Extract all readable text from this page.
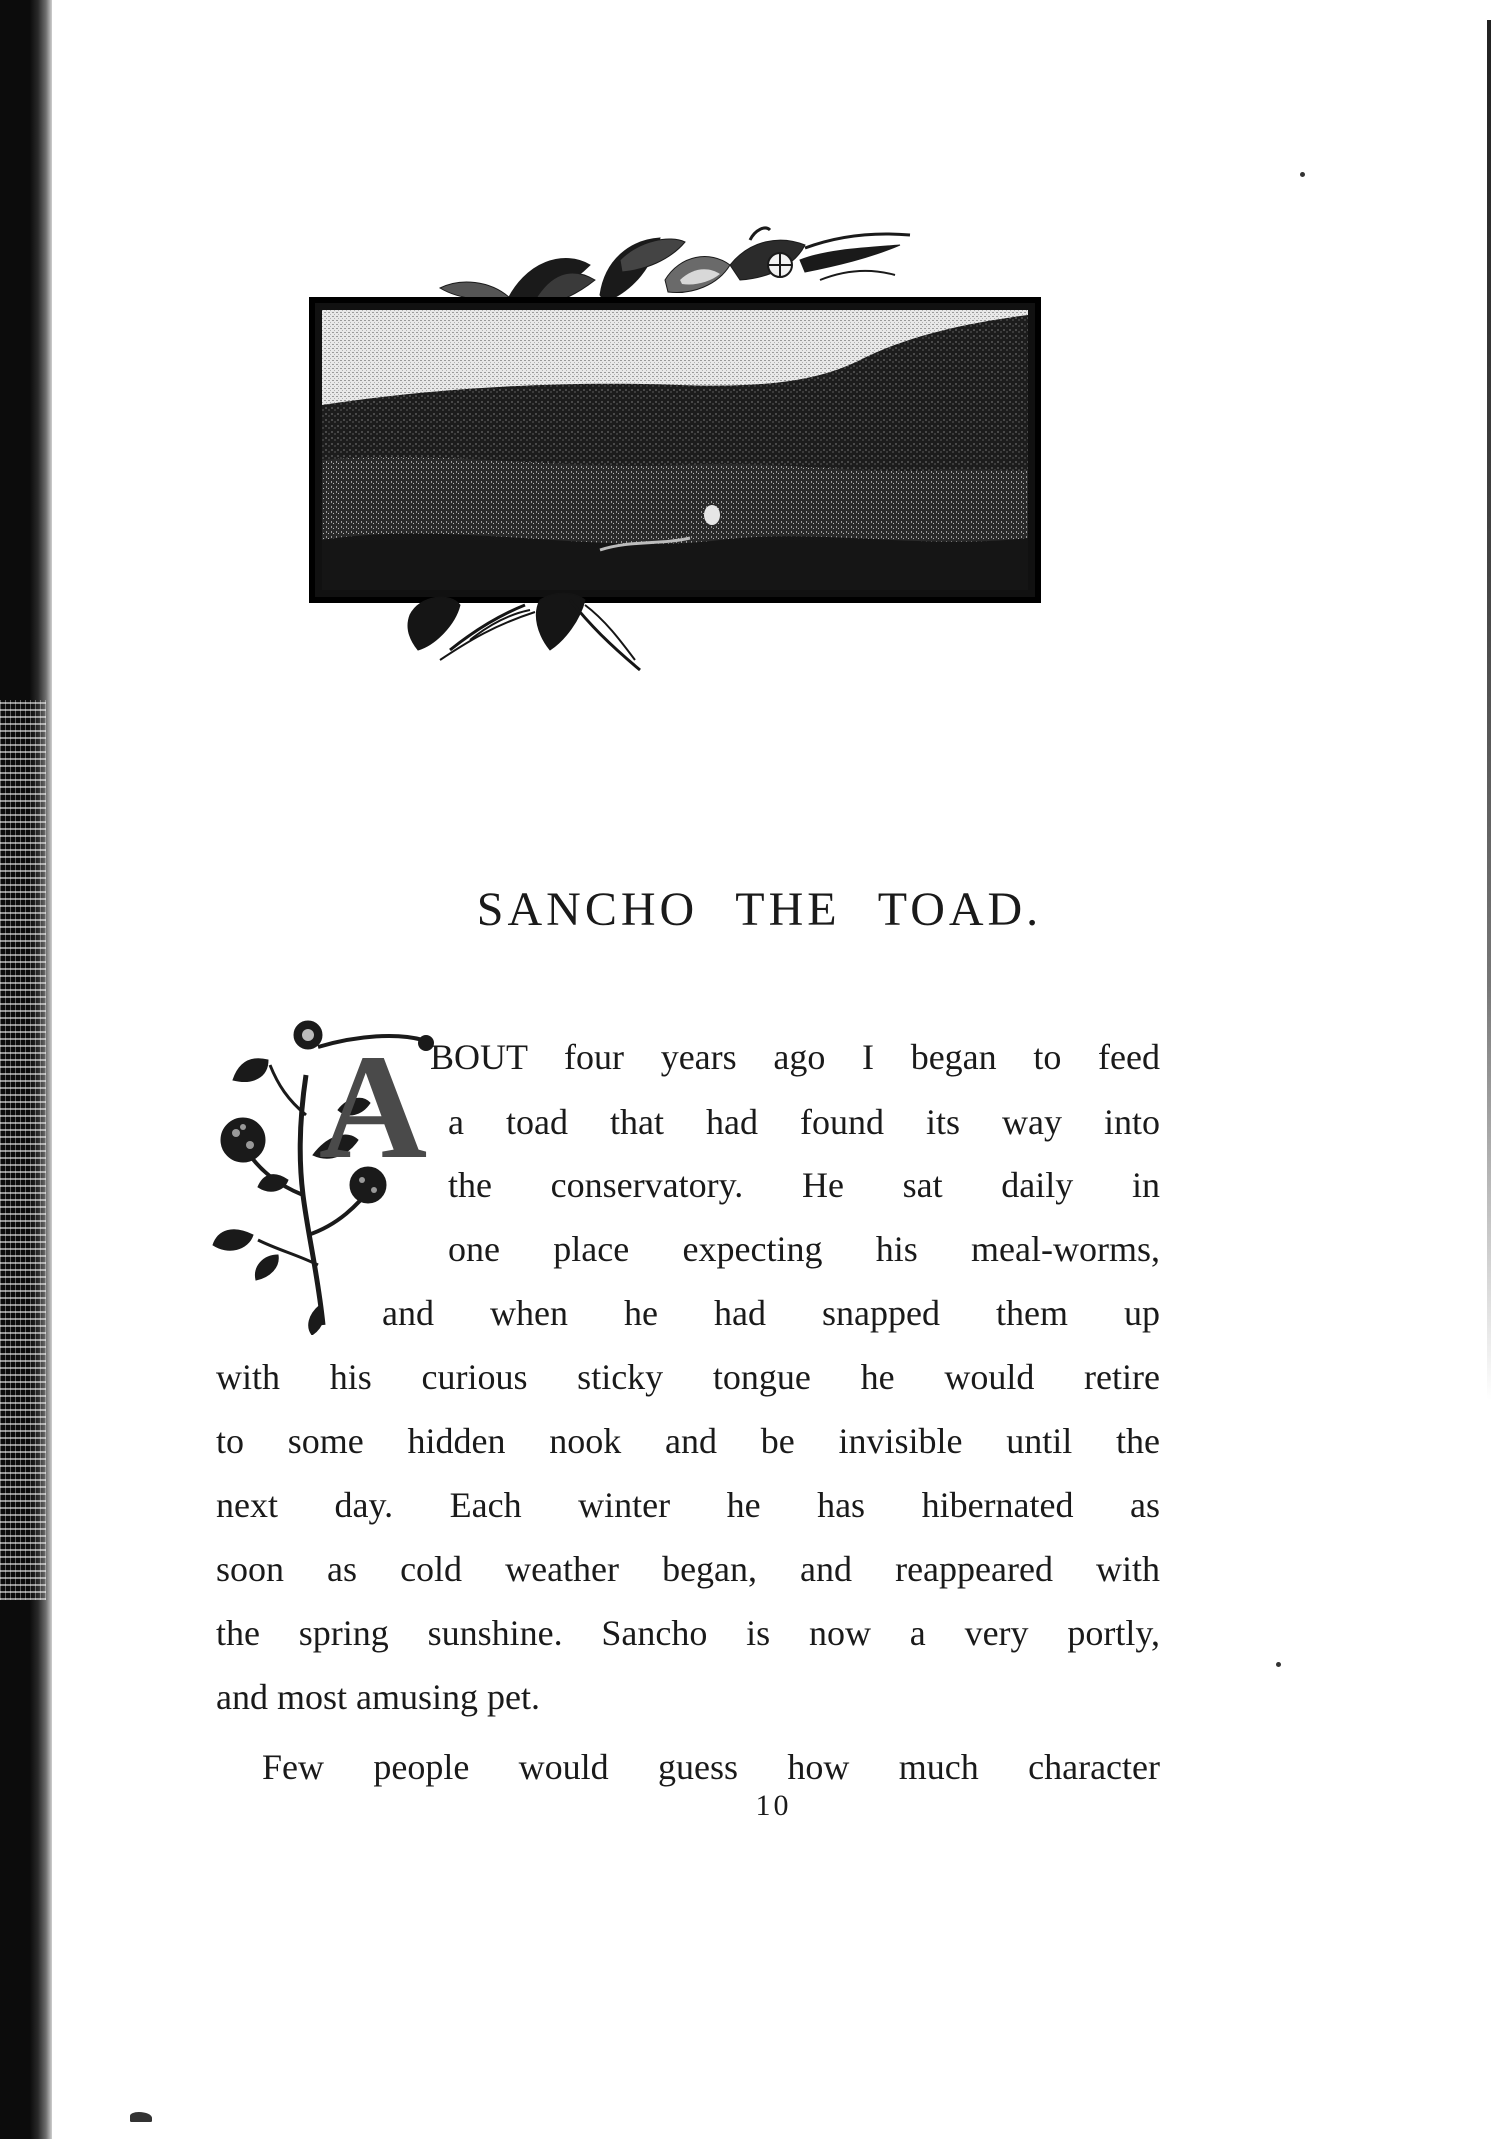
SANCHO THE TOAD.
A BOUT four years ago I began to feed

a toad that had found its way into

the conservatory. He sat daily in

one place expecting his meal-worms,

and when he had snapped them up

with his curious sticky tongue he would retire

to some hidden nook and be invisible until the

next day. Each winter he has hibernated as

soon as cold weather began, and reappeared with

the spring sunshine. Sancho is now a very portly,

and most amusing pet.

Few people would guess how much character

10
